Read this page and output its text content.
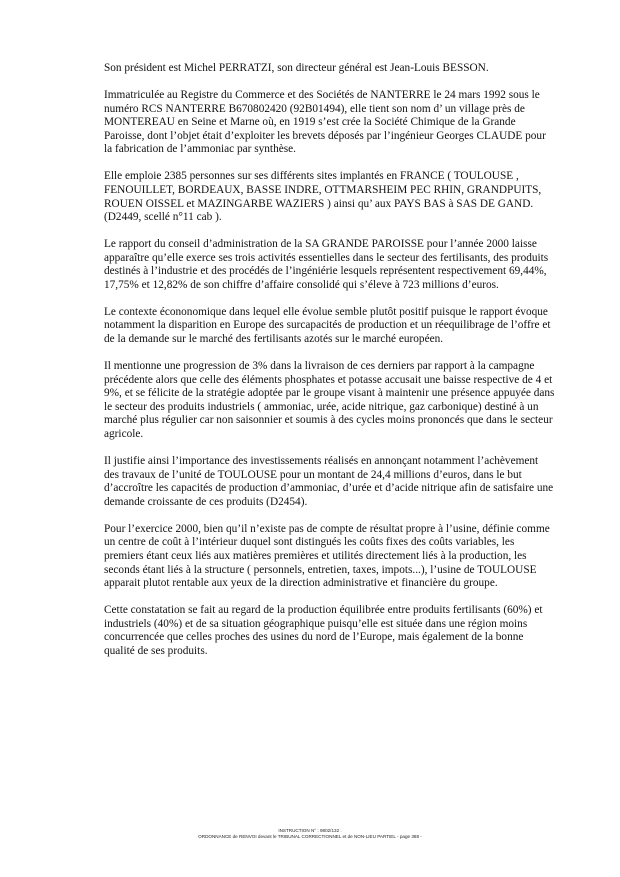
Son président est Michel PERRATZI, son directeur général est Jean-Louis BESSON.

Immatriculée au Registre du Commerce et des Sociétés de NANTERRE le 24 mars 1992 sous le numéro RCS NANTERRE B670802420 (92B01494), elle tient son nom d’ un village près de MONTEREAU en Seine et Marne où, en 1919 s’est crée la Société Chimique de la Grande Paroisse, dont l’objet était d’exploiter les brevets déposés par l’ingénieur Georges CLAUDE pour la fabrication de l’ammoniac par synthèse.

Elle emploie 2385 personnes sur ses différents sites implantés en FRANCE ( TOULOUSE , FENOUILLET, BORDEAUX, BASSE INDRE, OTTMARSHEIM PEC RHIN, GRANDPUITS, ROUEN OISSEL et MAZINGARBE WAZIERS ) ainsi qu’ aux PAYS BAS à SAS DE GAND. (D2449, scellé n°11 cab ).

Le rapport du conseil d’administration de la SA GRANDE PAROISSE pour l’année 2000 laisse apparaître qu’elle exerce ses trois activités essentielles dans le secteur des fertilisants, des produits destinés à l’industrie et des procédés de l’ingéniérie lesquels représentent respectivement 69,44%, 17,75% et 12,82% de son chiffre d’affaire consolidé qui s’éleve à 723 millions d’euros.

Le contexte écononomique dans lequel elle évolue semble plutôt positif puisque le rapport évoque notamment la disparition en Europe des surcapacités de production et un réequilibrage de l’offre et de la demande sur le marché des fertilisants azotés sur le marché européen.

Il mentionne une progression de 3% dans la livraison de ces derniers par rapport à la campagne précédente alors que celle des éléments phosphates et potasse accusait une baisse respective de 4 et 9%, et se félicite de la stratégie adoptée par le groupe visant à maintenir une présence appuyée dans le secteur des produits industriels ( ammoniac, urée, acide nitrique, gaz carbonique) destiné à un marché plus régulier car non saisonnier et soumis à des cycles moins prononcés que dans le secteur agricole.

Il justifie ainsi l’importance des investissements réalisés en annonçant notamment l’achèvement des travaux de l’unité de TOULOUSE pour un montant de 24,4 millions d’euros, dans le but d’accroître les capacités de production d’ammoniac, d’urée et d’acide nitrique afin de satisfaire une demande croissante de ces produits (D2454).

Pour l’exercice 2000, bien qu’il n’existe pas de compte de résultat propre à l’usine, définie comme un centre de coût à l’intérieur duquel sont distingués les coûts fixes des coûts variables, les premiers étant ceux liés aux matières premières et utilités directement liés à la production, les seconds étant liés à la structure ( personnels, entretien, taxes, impots...), l’usine de TOULOUSE apparait plutot rentable aux yeux de la direction administrative et financière du groupe.

Cette constatation se fait au regard de la production équilibrée entre produits fertilisants (60%) et industriels (40%) et de sa situation géographique puisqu’elle est située dans une région moins concurrencée que celles proches des usines du nord de l’Europe, mais également de la bonne qualité de ses produits.

INSTRUCTION N° : 9802/132 .
ORDONNANCE de RENVOI devant le TRIBUNAL CORRECTIONNEL et de NON-LIEU PARTIEL - page 388 -
